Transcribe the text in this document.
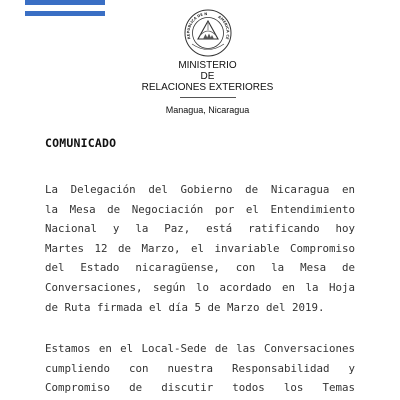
REPUBLICA DE N
AMERICA CE
MINISTERIO
DE
RELACIONES EXTERIORES
Managua, Nicaragua
COMUNICADO
La Delegación del Gobierno de Nicaragua en
la Mesa de Negociación por el Entendimiento
Nacional y la Paz, está ratificando hoy
Martes 12 de Marzo, el invariable Compromiso
del Estado nicaragüense, con la Mesa de
Conversaciones, según lo acordado en la Hoja
de Ruta firmada el día 5 de Marzo del 2019.
Estamos en el Local-Sede de las Conversaciones
cumpliendo con nuestra Responsabilidad y
Compromiso de discutir todos los Temas
